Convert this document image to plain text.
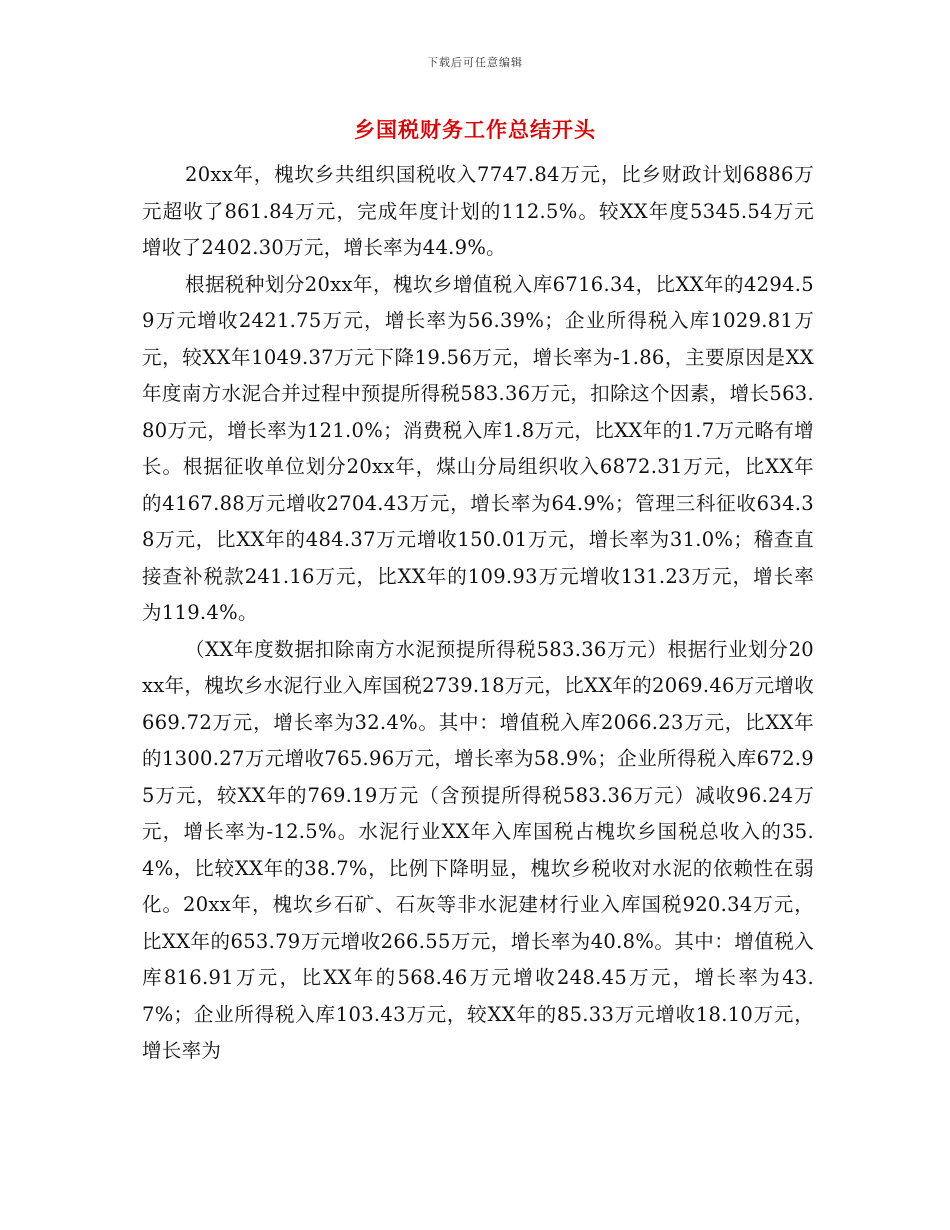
下载后可任意编辑
乡国税财务工作总结开头

20xx年，槐坎乡共组织国税收入7747.84万元，比乡财政计划6886万元超收了861.84万元，完成年度计划的112.5%。较XX年度5345.54万元增收了2402.30万元，增长率为44.9%。

根据税种划分20xx年，槐坎乡增值税入库6716.34，比XX年的4294.59万元增收2421.75万元，增长率为56.39%；企业所得税入库1029.81万元，较XX年1049.37万元下降19.56万元，增长率为-1.86，主要原因是XX年度南方水泥合并过程中预提所得税583.36万元，扣除这个因素，增长563.80万元，增长率为121.0%；消费税入库1.8万元，比XX年的1.7万元略有增长。根据征收单位划分20xx年，煤山分局组织收入6872.31万元，比XX年的4167.88万元增收2704.43万元，增长率为64.9%；管理三科征收634.38万元，比XX年的484.37万元增收150.01万元，增长率为31.0%；稽查直接查补税款241.16万元，比XX年的109.93万元增收131.23万元，增长率为119.4%。

（XX年度数据扣除南方水泥预提所得税583.36万元）根据行业划分20xx年，槐坎乡水泥行业入库国税2739.18万元，比XX年的2069.46万元增收669.72万元，增长率为32.4%。其中：增值税入库2066.23万元，比XX年的1300.27万元增收765.96万元，增长率为58.9%；企业所得税入库672.95万元，较XX年的769.19万元（含预提所得税583.36万元）减收96.24万元，增长率为-12.5%。水泥行业XX年入库国税占槐坎乡国税总收入的35.4%，比较XX年的38.7%，比例下降明显，槐坎乡税收对水泥的依赖性在弱化。20xx年，槐坎乡石矿、石灰等非水泥建材行业入库国税920.34万元，比XX年的653.79万元增收266.55万元，增长率为40.8%。其中：增值税入库816.91万元，比XX年的568.46万元增收248.45万元，增长率为43.7%；企业所得税入库103.43万元，较XX年的85.33万元增收18.10万元，增长率为
